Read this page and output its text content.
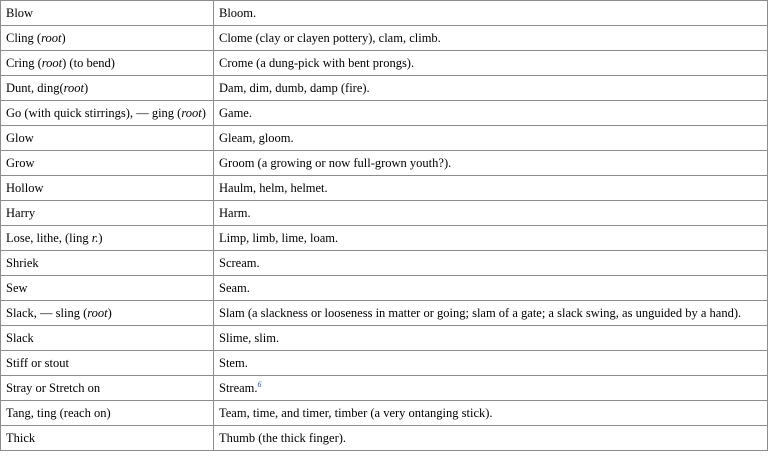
Blow	Bloom.
Cling (root)	Clome (clay or clayen pottery), clam, climb.
Cring (root) (to bend)	Crome (a dung-pick with bent prongs).
Dunt, ding(root)	Dam, dim, dumb, damp (fire).
Go (with quick stirrings), — ging (root)	Game.
Glow	Gleam, gloom.
Grow	Groom (a growing or now full-grown youth?).
Hollow	Haulm, helm, helmet.
Harry	Harm.
Lose, lithe, (ling r.)	Limp, limb, lime, loam.
Shriek	Scream.
Sew	Seam.
Slack, — sling (root)	Slam (a slackness or looseness in matter or going; slam of a gate; a slack swing, as unguided by a hand).
Slack	Slime, slim.
Stiff or stout	Stem.
Stray or Stretch on	Stream.$^6$
Tang, ting (reach on)	Team, time, and timer, timber (a very ontanging stick).
Thick	Thumb (the thick finger).
